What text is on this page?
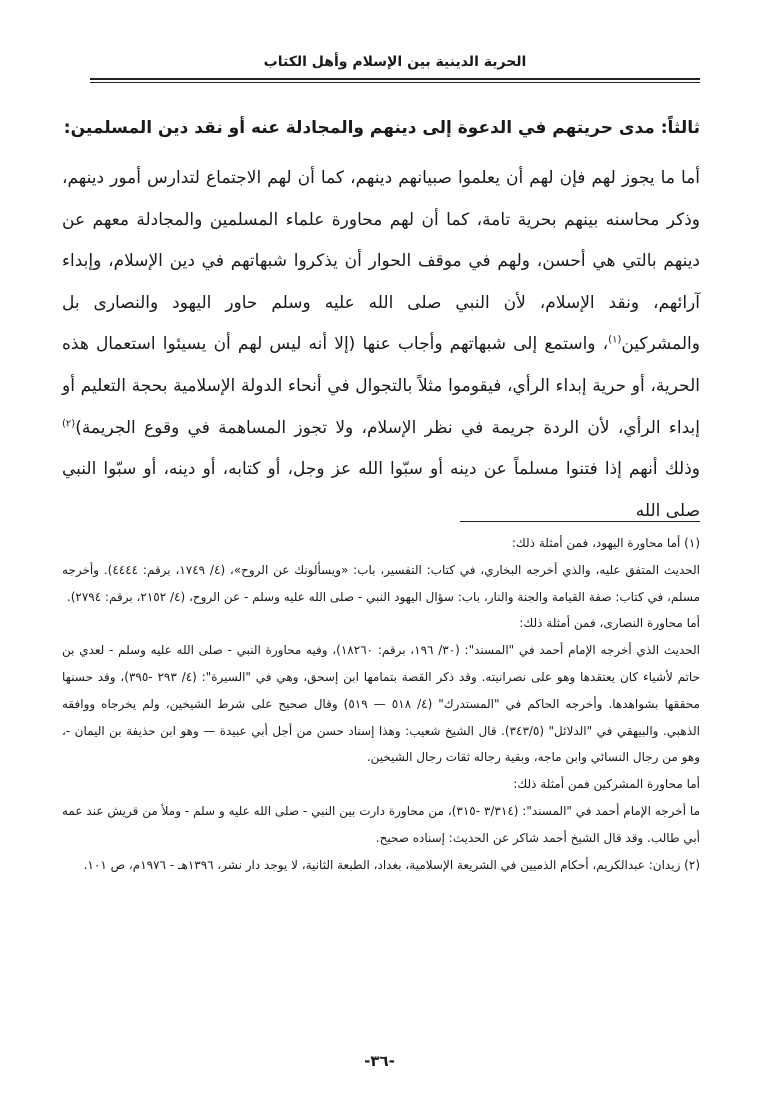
الحرية الدينية بين الإسلام وأهل الكتاب
ثالثاً: مدى حريتهم في الدعوة إلى دينهم والمجادلة عنه أو نقد دين المسلمين:
أما ما يجوز لهم فإن لهم أن يعلموا صبيانهم دينهم، كما أن لهم الاجتماع لتدارس أمور دينهم، وذكر محاسنه بينهم بحرية تامة، كما أن لهم محاورة علماء المسلمين والمجادلة معهم عن دينهم بالتي هي أحسن، ولهم في موقف الحوار أن يذكروا شبهاتهم في دين الإسلام، وإبداء آرائهم، ونقد الإسلام، لأن النبي صلى الله عليه وسلم حاور اليهود والنصارى بل والمشركين$^{(١)}$، واستمع إلى شبهاتهم وأجاب عنها (إلا أنه ليس لهم أن يسيئوا استعمال هذه الحرية، أو حرية إبداء الرأي، فيقوموا مثلاً بالتجوال في أنحاء الدولة الإسلامية بحجة التعليم أو إبداء الرأي، لأن الردة جريمة في نظر الإسلام، ولا تجوز المساهمة في وقوع الجريمة)$^{(٢)}$ وذلك أنهم إذا فتنوا مسلماً عن دينه أو سبّوا الله عز وجل، أو كتابه، أو دينه، أو سبّوا النبي صلى الله

(١) أما محاورة اليهود، فمن أمثلة ذلك:

الحديث المتفق عليه، والذي أخرجه البخاري، في كتاب: التفسير، باب: «ويسألونك عن الروح»، (٤/ ١٧٤٩، برقم: ٤٤٤٤). وأخرجه مسلم، في كتاب: صفة القيامة والجنة والنار، باب: سؤال اليهود النبي - صلى الله عليه وسلم - عن الروح، (٤/ ٢١٥٢، برقم: ٢٧٩٤).

أما محاورة النصارى، فمن أمثلة ذلك:

الحديث الذي أخرجه الإمام أحمد في "المسند": (٣٠/ ١٩٦، برقم: ١٨٢٦٠)، وفيه محاورة النبي - صلى الله عليه وسلم - لعدي بن حاتم لأشياء كان يعتقدها وهو على نصرانيته. وقد ذكر القصة بتمامها ابن إسحق، وهي في "السيرة": (٤/ ٢٩٣ -٣٩٥)، وقد حسنها محققها بشواهدها. وأخرجه الحاكم في "المستدرك" (٤/ ٥١٨ — ٥١٩) وقال صحيح على شرط الشيخين، ولم يخرجاه ووافقه الذهبي. والبيهقي في "الدلائل" (٣٤٣/٥). قال الشيخ شعيب: وهذا إسناد حسن من أجل أبي عبيدة — وهو ابن حذيفة بن اليمان -، وهو من رجال النسائي وابن ماجه، وبقية رجاله ثقات رجال الشيخين.

أما محاورة المشركين فمن أمثلة ذلك:

ما أخرجه الإمام أحمد في "المسند": (٣/٣١٤ -٣١٥)، من محاورة دارت بين النبي - صلى الله عليه و سلم - وملأ من قريش عند عمه أبي طالب. وقد قال الشيخ أحمد شاكر عن الحديث: إسناده صحيح.

(٢) زيدان: عبدالكريم، أحكام الذميين في الشريعة الإسلامية، بغداد، الطبعة الثانية، لا يوجد دار نشر، ١٣٩٦هـ - ١٩٧٦م، ص ١٠١.

-٣٦-
